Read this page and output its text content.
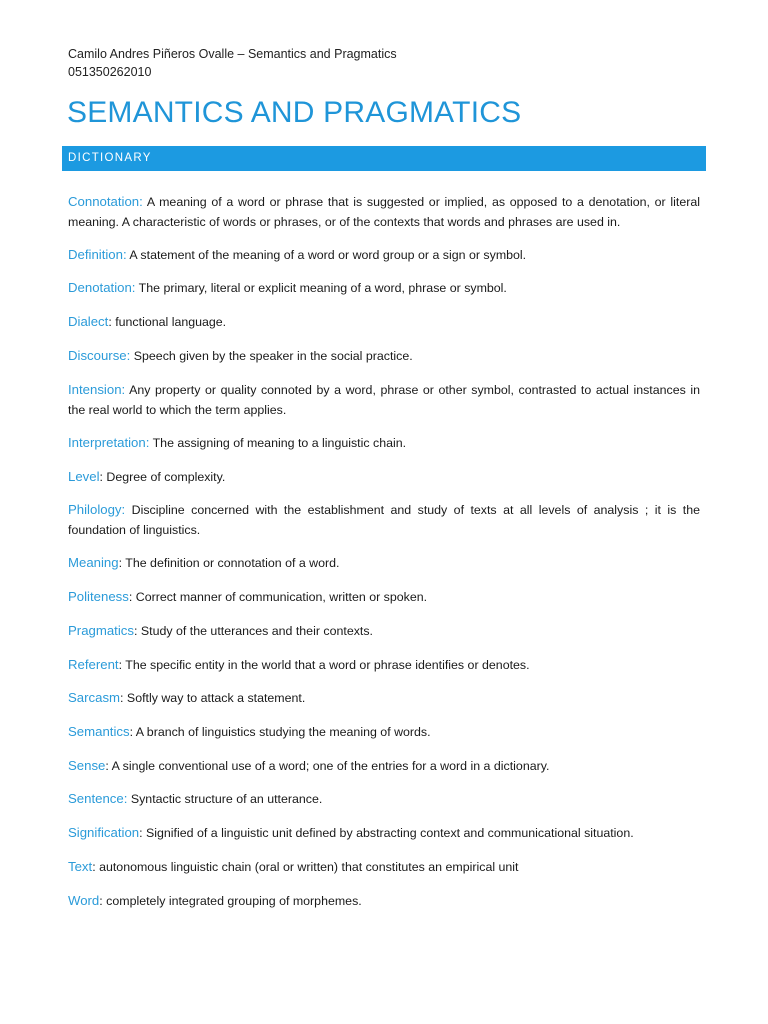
Camilo Andres Piñeros Ovalle – Semantics and Pragmatics
051350262010
SEMANTICS AND PRAGMATICS
DICTIONARY

Connotation: A meaning of a word or phrase that is suggested or implied, as opposed to a denotation, or literal meaning. A characteristic of words or phrases, or of the contexts that words and phrases are used in.

Definition: A statement of the meaning of a word or word group or a sign or symbol.

Denotation: The primary, literal or explicit meaning of a word, phrase or symbol.

Dialect: functional language.

Discourse: Speech given by the speaker in the social practice.

Intension: Any property or quality connoted by a word, phrase or other symbol, contrasted to actual instances in the real world to which the term applies.

Interpretation: The assigning of meaning to a linguistic chain.

Level: Degree of complexity.

Philology: Discipline concerned with the establishment and study of texts at all levels of analysis ; it is the foundation of linguistics.

Meaning: The definition or connotation of a word.

Politeness: Correct manner of communication, written or spoken.

Pragmatics: Study of the utterances and their contexts.

Referent: The specific entity in the world that a word or phrase identifies or denotes.

Sarcasm: Softly way to attack a statement.

Semantics: A branch of linguistics studying the meaning of words.

Sense: A single conventional use of a word; one of the entries for a word in a dictionary.

Sentence: Syntactic structure of an utterance.

Signification: Signified of a linguistic unit defined by abstracting context and communicational situation.

Text: autonomous linguistic chain (oral or written) that constitutes an empirical unit

Word: completely integrated grouping of morphemes.
